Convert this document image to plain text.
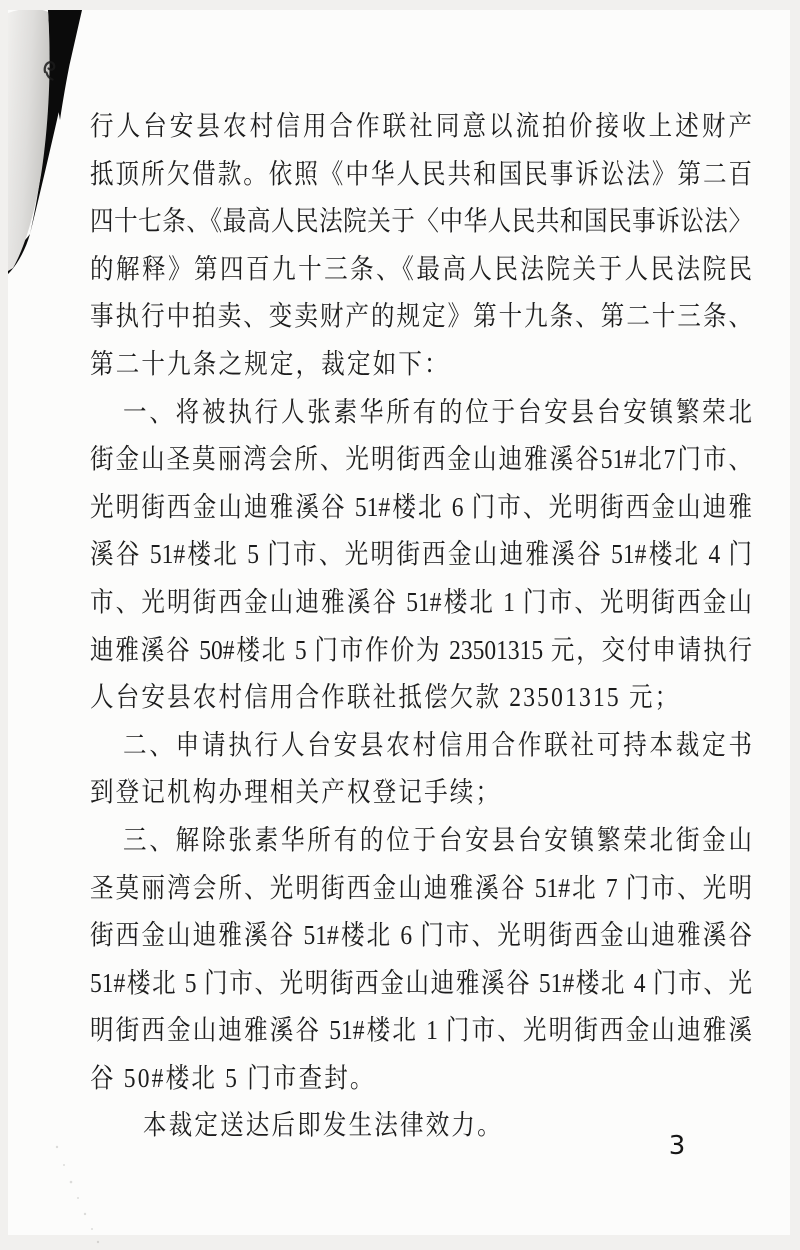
行人台安县农村信用合作联社同意以流拍价接收上述财产
抵顶所欠借款。依照《中华人民共和国民事诉讼法》第二百
四十七条、《最高人民法院关于〈中华人民共和国民事诉讼法〉
的解释》第四百九十三条、《最高人民法院关于人民法院民
事执行中拍卖、变卖财产的规定》第十九条、第二十三条、
第二十九条之规定，裁定如下：
一、将被执行人张素华所有的位于台安县台安镇繁荣北
街金山圣莫丽湾会所、光明街西金山迪雅溪谷51#北7门市、
光明街西金山迪雅溪谷 51#楼北 6 门市、光明街西金山迪雅
溪谷 51#楼北 5 门市、光明街西金山迪雅溪谷 51#楼北 4 门
市、光明街西金山迪雅溪谷 51#楼北 1 门市、光明街西金山
迪雅溪谷 50#楼北 5 门市作价为 23501315 元，交付申请执行
人台安县农村信用合作联社抵偿欠款 23501315 元；
二、申请执行人台安县农村信用合作联社可持本裁定书
到登记机构办理相关产权登记手续；
三、解除张素华所有的位于台安县台安镇繁荣北街金山
圣莫丽湾会所、光明街西金山迪雅溪谷 51#北 7 门市、光明
街西金山迪雅溪谷 51#楼北 6 门市、光明街西金山迪雅溪谷
51#楼北 5 门市、光明街西金山迪雅溪谷 51#楼北 4 门市、光
明街西金山迪雅溪谷 51#楼北 1 门市、光明街西金山迪雅溪
谷 50#楼北 5 门市查封。
本裁定送达后即发生法律效力。
3
